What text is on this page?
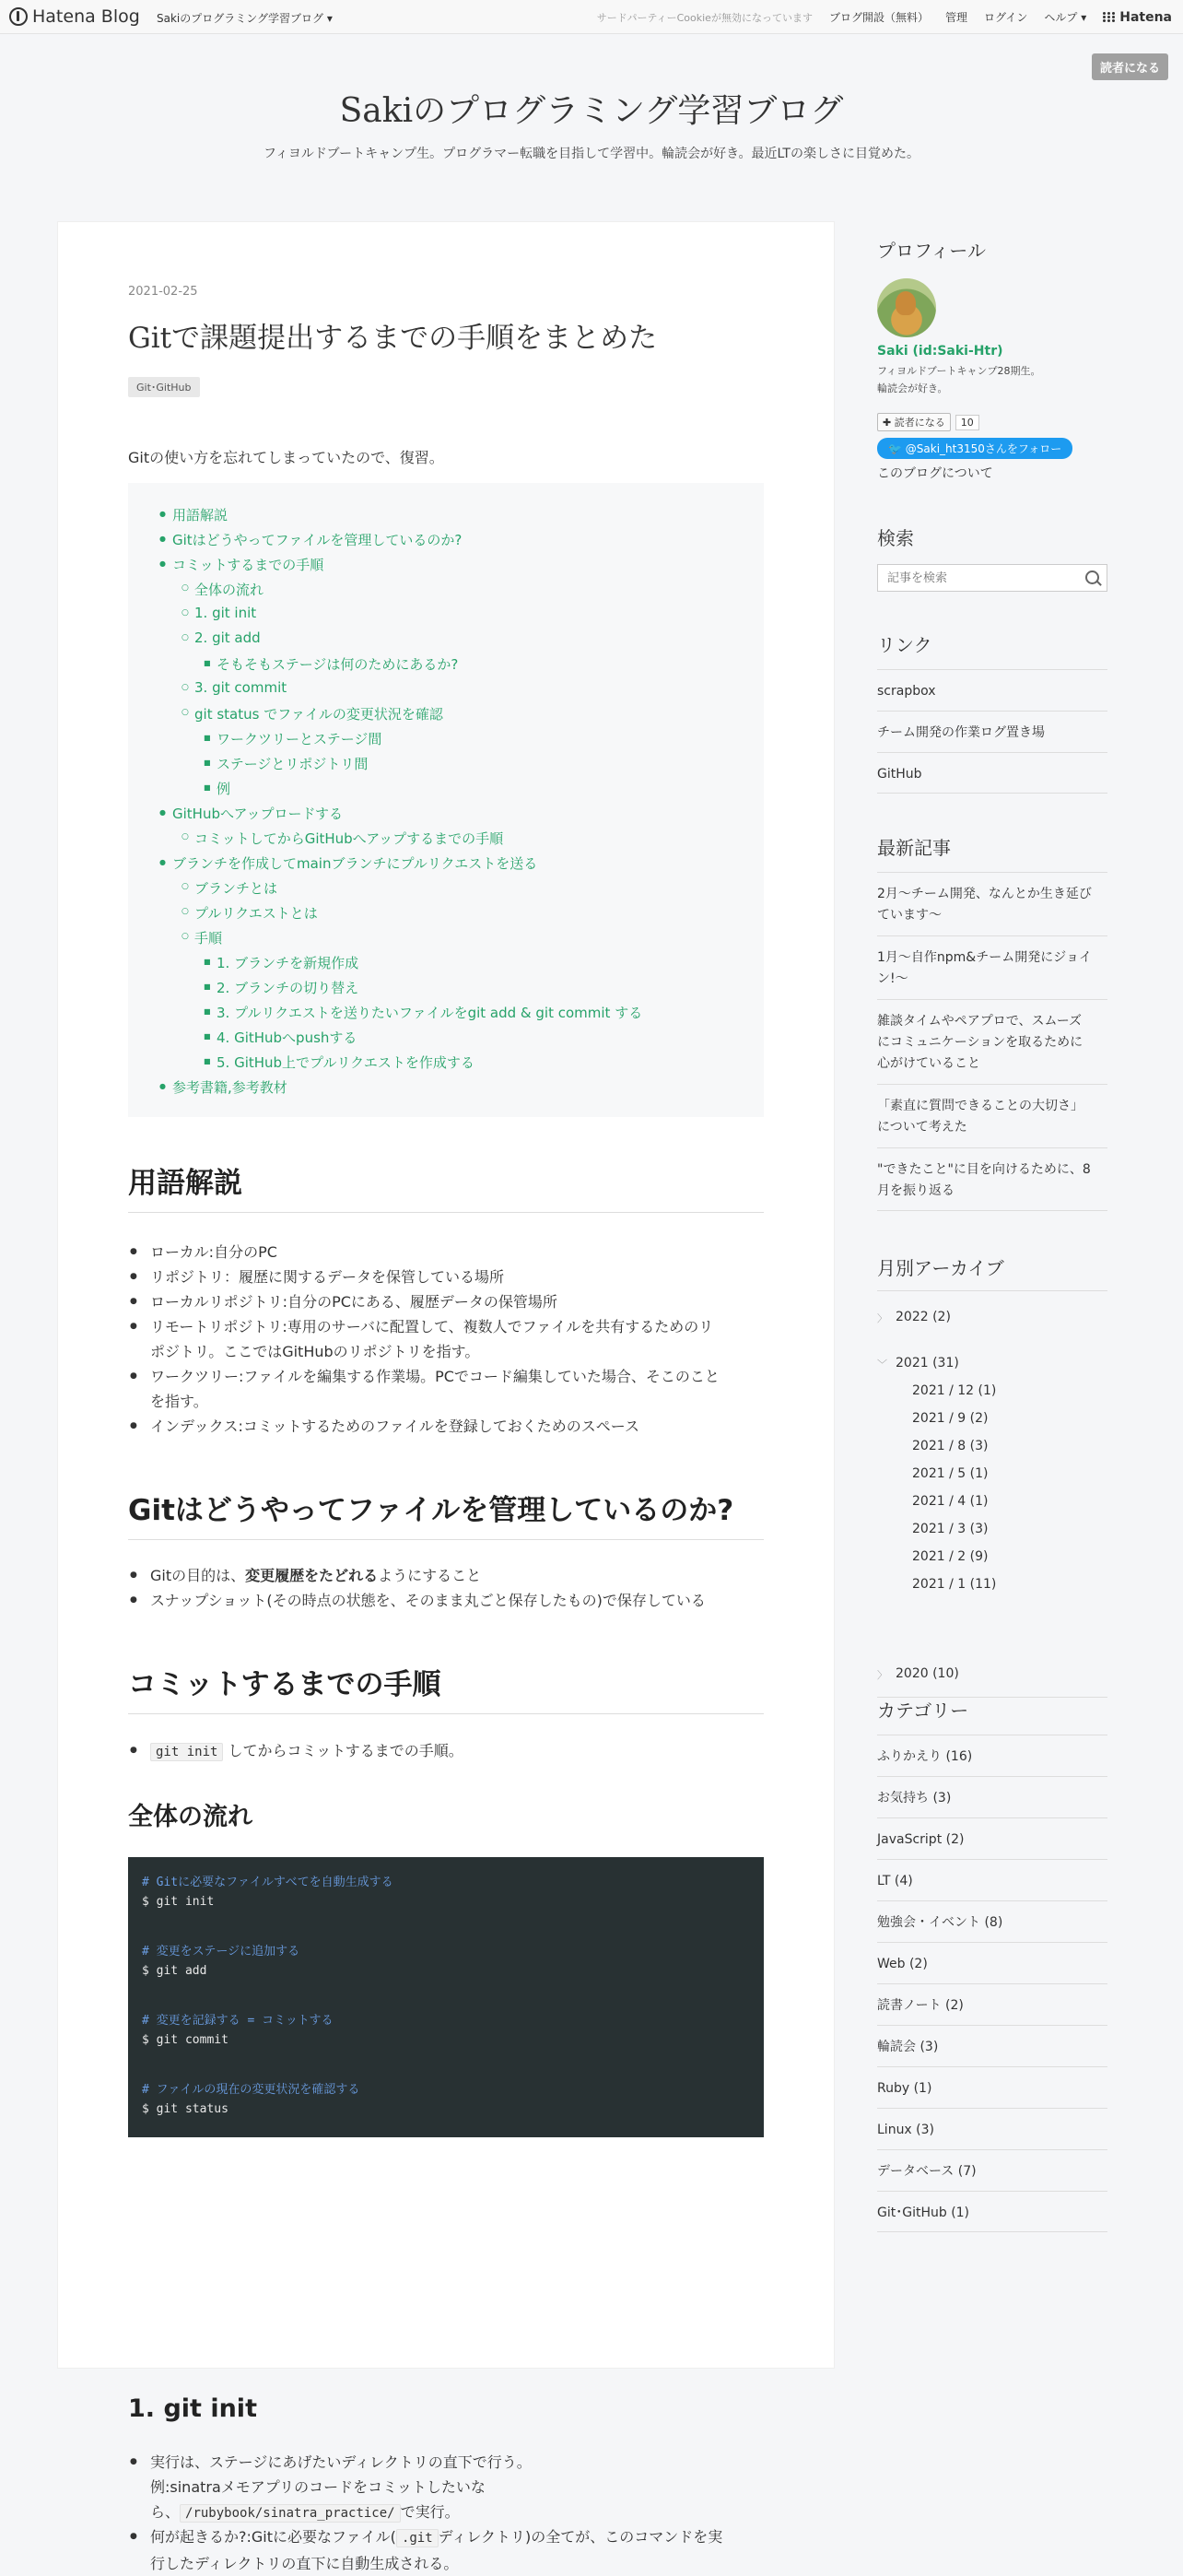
Hatena Blog Sakiのプログラミング学習ブログ ▾	サードパーティーCookieが無効になっています ブログ開設（無料） 管理 ログイン ヘルプ ▾	Hatena
読者になる
Sakiのプログラミング学習ブログ
フィヨルドブートキャンプ生。プログラマー転職を目指して学習中。輪読会が好き。最近LTの楽しさに目覚めた。
2021-02-25
Gitで課題提出するまでの手順をまとめた
Git･GitHub
Gitの使い方を忘れてしまっていたので、復習。
● 用語解説
● Gitはどうやってファイルを管理しているのか?
● コミットするまでの手順
○ 全体の流れ
○ 1. git init
○ 2. git add
■ そもそもステージは何のためにあるか?
○ 3. git commit
○ git status でファイルの変更状況を確認
■ ワークツリーとステージ間
■ ステージとリポジトリ間
■ 例
● GitHubへアップロードする
○ コミットしてからGitHubへアップするまでの手順
● ブランチを作成してmainブランチにプルリクエストを送る
○ ブランチとは
○ プルリクエストとは
○ 手順
■ 1. ブランチを新規作成
■ 2. ブランチの切り替え
■ 3. プルリクエストを送りたいファイルをgit add & git commit する
■ 4. GitHubへpushする
■ 5. GitHub上でプルリクエストを作成する
● 参考書籍,参考教材
用語解説
● ローカル:自分のPC
● リポジトリ：履歴に関するデータを保管している場所
● ローカルリポジトリ:自分のPCにある、履歴データの保管場所
● リモートリポジトリ:専用のサーバに配置して、複数人でファイルを共有するためのリ
ポジトリ。ここではGitHubのリポジトリを指す。
● ワークツリー:ファイルを編集する作業場。PCでコード編集していた場合、そこのこと
を指す。
● インデックス:コミットするためのファイルを登録しておくためのスペース
Gitはどうやってファイルを管理しているのか?
● Gitの目的は、変更履歴をたどれるようにすること
● スナップショット(その時点の状態を、そのまま丸ごと保存したもの)で保存している
コミットするまでの手順
● git init してからコミットするまでの手順。
全体の流れ
# Gitに必要なファイルすべてを自動生成する
$ git init
# 変更をステージに追加する
$ git add
# 変更を記録する = コミットする
$ git commit
# ファイルの現在の変更状況を確認する
$ git status
1. git init
● 実行は、ステージにあげたいディレクトリの直下で行う。
例:sinatraメモアプリのコードをコミットしたいな
ら、 /rubybook/sinatra_practice/ で実行。
● 何が起きるか?:Gitに必要なファイル( .git ディレクトリ)の全てが、このコマンドを実
行したディレクトリの直下に自動生成される。
プロフィール
Saki (id:Saki-Htr)
フィヨルドブートキャンプ28期生。
輪読会が好き。
✚ 読者になる	10
🐦 @Saki_ht3150さんをフォロー
このブログについて
検索
記事を検索
リンク
scrapbox
チーム開発の作業ログ置き場
GitHub
最新記事
2月〜チーム開発、なんとか生き延び
ています〜
1月〜自作npm&チーム開発にジョイ
ン!〜
雑談タイムやペアプロで、スムーズ
にコミュニケーションを取るために
心がけていること
「素直に質問できることの大切さ」
について考えた
"できたこと"に目を向けるために、8
月を振り返る
月別アーカイブ
2022 (2)
〉
2021 (31)
﹀
2021 / 12 (1)
2021 / 9 (2)
2021 / 8 (3)
2021 / 5 (1)
2021 / 4 (1)
2021 / 3 (3)
2021 / 2 (9)
2021 / 1 (11)
2020 (10)
〉
カテゴリー
ふりかえり (16)
お気持ち (3)
JavaScript (2)
LT (4)
勉強会・イベント (8)
Web (2)
読書ノート (2)
輪読会 (3)
Ruby (1)
Linux (3)
データベース (7)
Git･GitHub (1)
